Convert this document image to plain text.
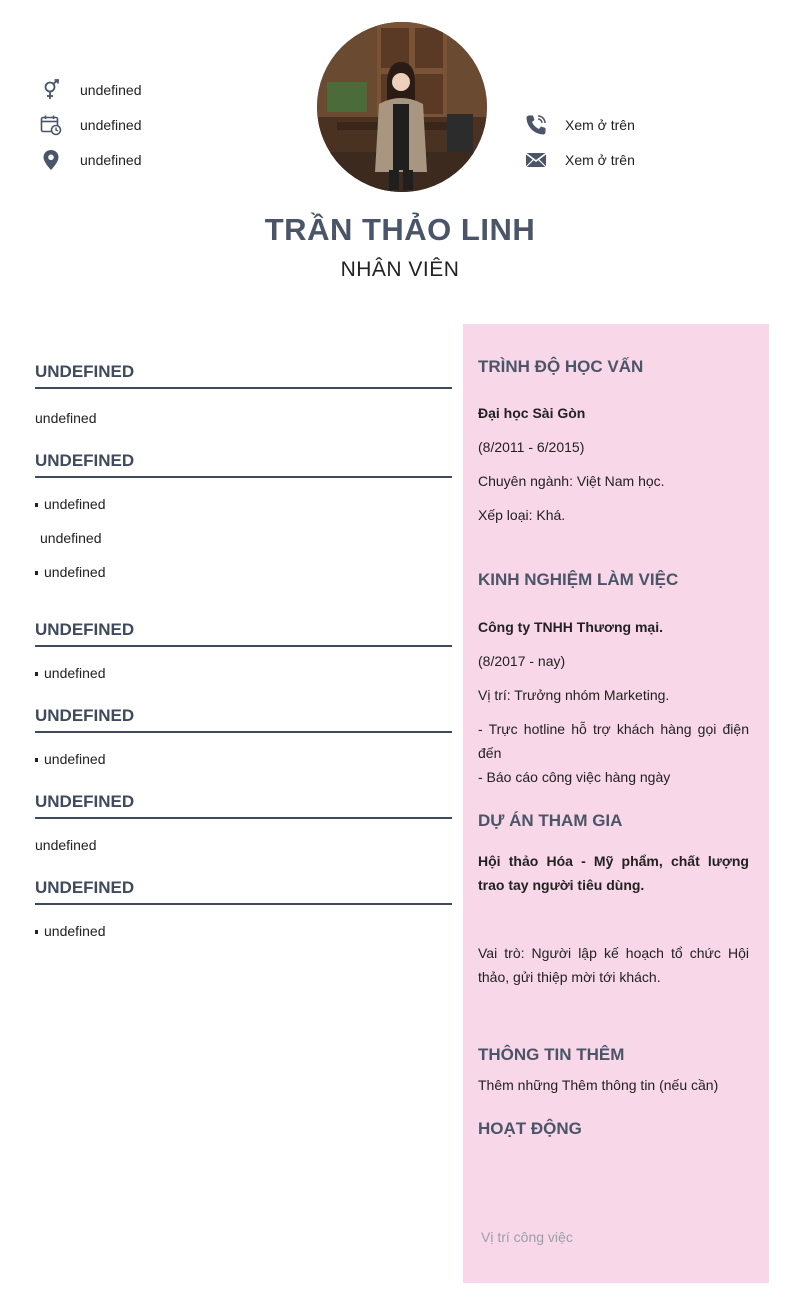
undefined
undefined
undefined
Xem ở trên
Xem ở trên
TRẦN THẢO LINH
NHÂN VIÊN
UNDEFINED
undefined
UNDEFINED
undefined
undefined
undefined
UNDEFINED
undefined
UNDEFINED
undefined
UNDEFINED
undefined
UNDEFINED
undefined
TRÌNH ĐỘ HỌC VẤN
Đại học Sài Gòn
(8/2011 - 6/2015)
Chuyên ngành: Việt Nam học.
Xếp loại: Khá.
KINH NGHIỆM LÀM VIỆC
Công ty TNHH Thương mại.
(8/2017 - nay)
Vị trí: Trưởng nhóm Marketing.
- Trực hotline hỗ trợ khách hàng gọi điện đến
- Báo cáo công việc hàng ngày
DỰ ÁN THAM GIA
Hội thảo Hóa - Mỹ phẩm, chất lượng trao tay người tiêu dùng.
Vai trò: Người lập kế hoạch tổ chức Hội thảo, gửi thiệp mời tới khách.
THÔNG TIN THÊM
Thêm những Thêm thông tin (nếu cần)
HOẠT ĐỘNG
Vị trí công việc
